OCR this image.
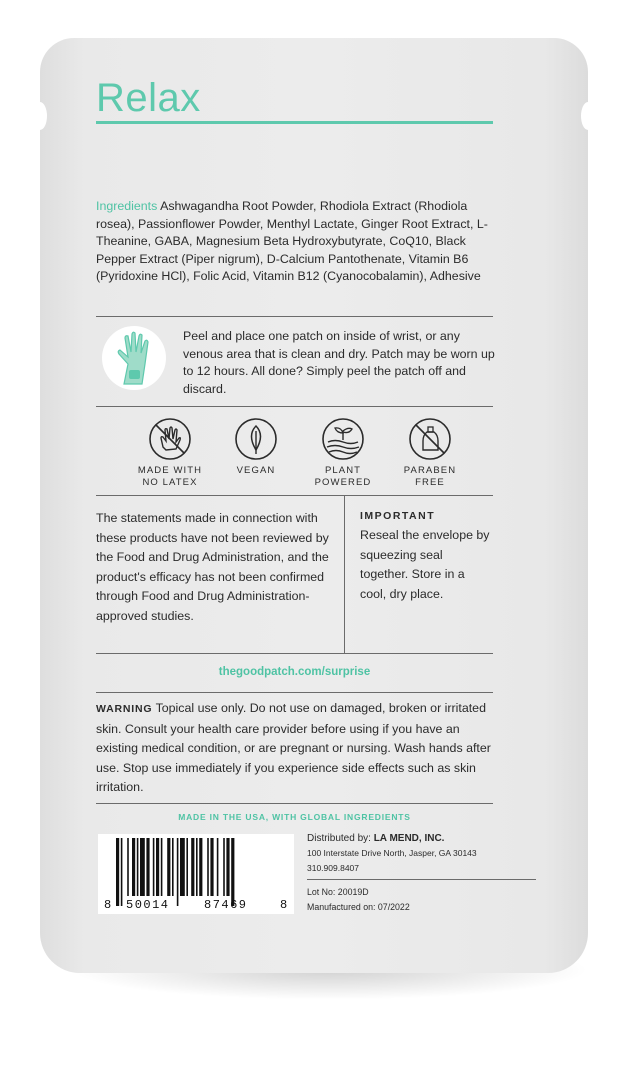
Relax
Ingredients Ashwagandha Root Powder, Rhodiola Extract (Rhodiola rosea), Passionflower Powder, Menthyl Lactate, Ginger Root Extract, L-Theanine, GABA, Magnesium Beta Hydroxybutyrate, CoQ10, Black Pepper Extract (Piper nigrum), D-Calcium Pantothenate, Vitamin B6 (Pyridoxine HCl), Folic Acid, Vitamin B12 (Cyanocobalamin), Adhesive
Peel and place one patch on inside of wrist, or any venous area that is clean and dry. Patch may be worn up to 12 hours. All done? Simply peel the patch off and discard.
MADE WITH
NO LATEX
VEGAN	PLANT
POWERED
PARABEN
FREE
The statements made in connection with these products have not been reviewed by the Food and Drug Administration, and the product's efficacy has not been confirmed through Food and Drug Administration-approved studies.
IMPORTANT
Reseal the envelope by squeezing seal together. Store in a cool, dry place.
thegoodpatch.com/surprise
WARNING Topical use only. Do not use on damaged, broken or irritated skin. Consult your health care provider before using if you have an existing medical condition, or are pregnant or nursing. Wash hands after use. Stop use immediately if you experience side effects such as skin irritation.
MADE IN THE USA, WITH GLOBAL INGREDIENTS
8 50014	87469	8
Distributed by: LA MEND, INC.
100 Interstate Drive North, Jasper, GA 30143
310.909.8407
Lot No: 20019D
Manufactured on: 07/2022
